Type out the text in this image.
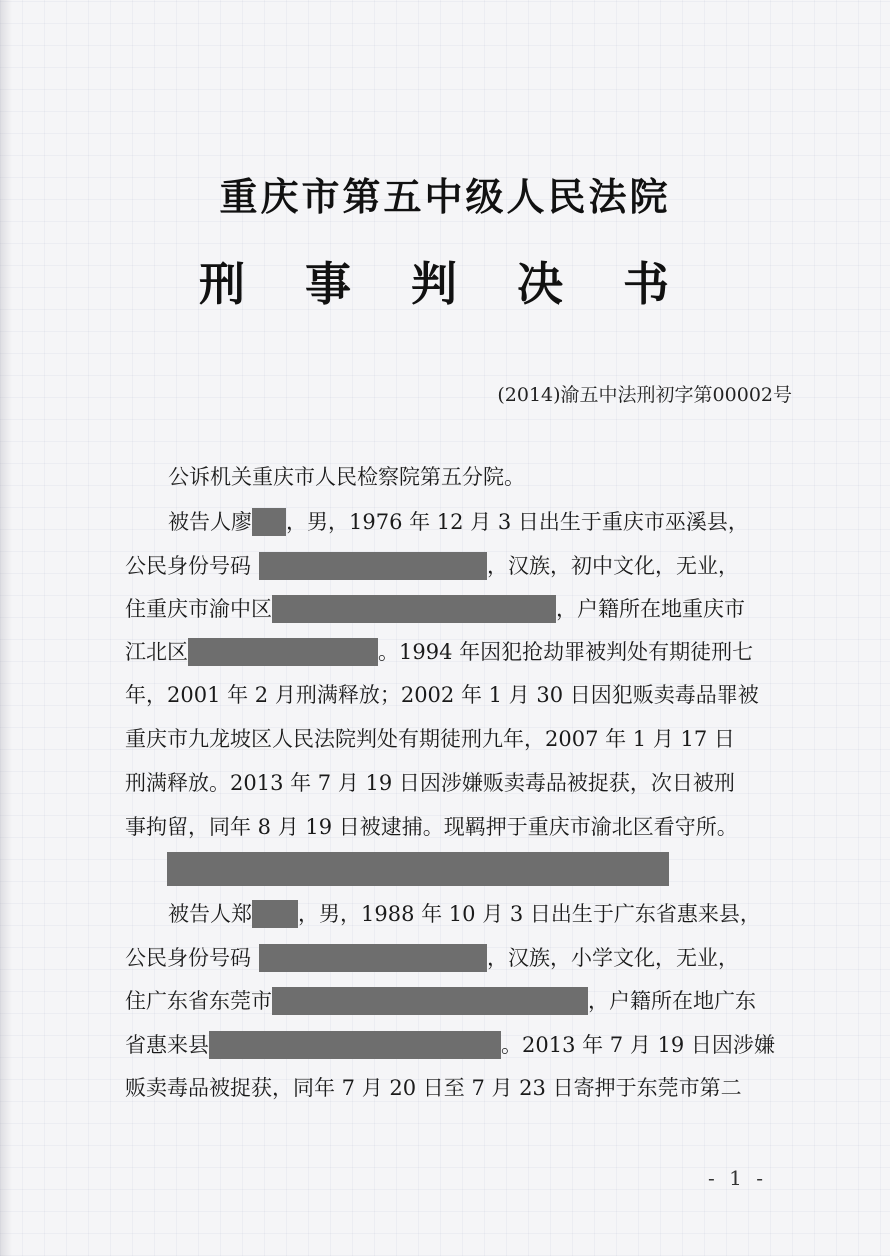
重庆市第五中级人民法院
刑 事 判 决 书
(2014)渝五中法刑初字第00002号
公诉机关重庆市人民检察院第五分院。
被告人廖 ，男，1976 年 12 月 3 日出生于重庆市巫溪县，
公民身份号码	，汉族，初中文化，无业，
住重庆市渝中区	，户籍所在地重庆市
江北区	。1994 年因犯抢劫罪被判处有期徒刑七
年，2001 年 2 月刑满释放；2002 年 1 月 30 日因犯贩卖毒品罪被
重庆市九龙坡区人民法院判处有期徒刑九年，2007 年 1 月 17 日
刑满释放。2013 年 7 月 19 日因涉嫌贩卖毒品被捉获，次日被刑
事拘留，同年 8 月 19 日被逮捕。现羁押于重庆市渝北区看守所。
被告人郑 ，男，1988 年 10 月 3 日出生于广东省惠来县，
公民身份号码	，汉族，小学文化，无业，
住广东省东莞市	，户籍所在地广东
省惠来县	。2013 年 7 月 19 日因涉嫌
贩卖毒品被捉获，同年 7 月 20 日至 7 月 23 日寄押于东莞市第二
- 1 -
